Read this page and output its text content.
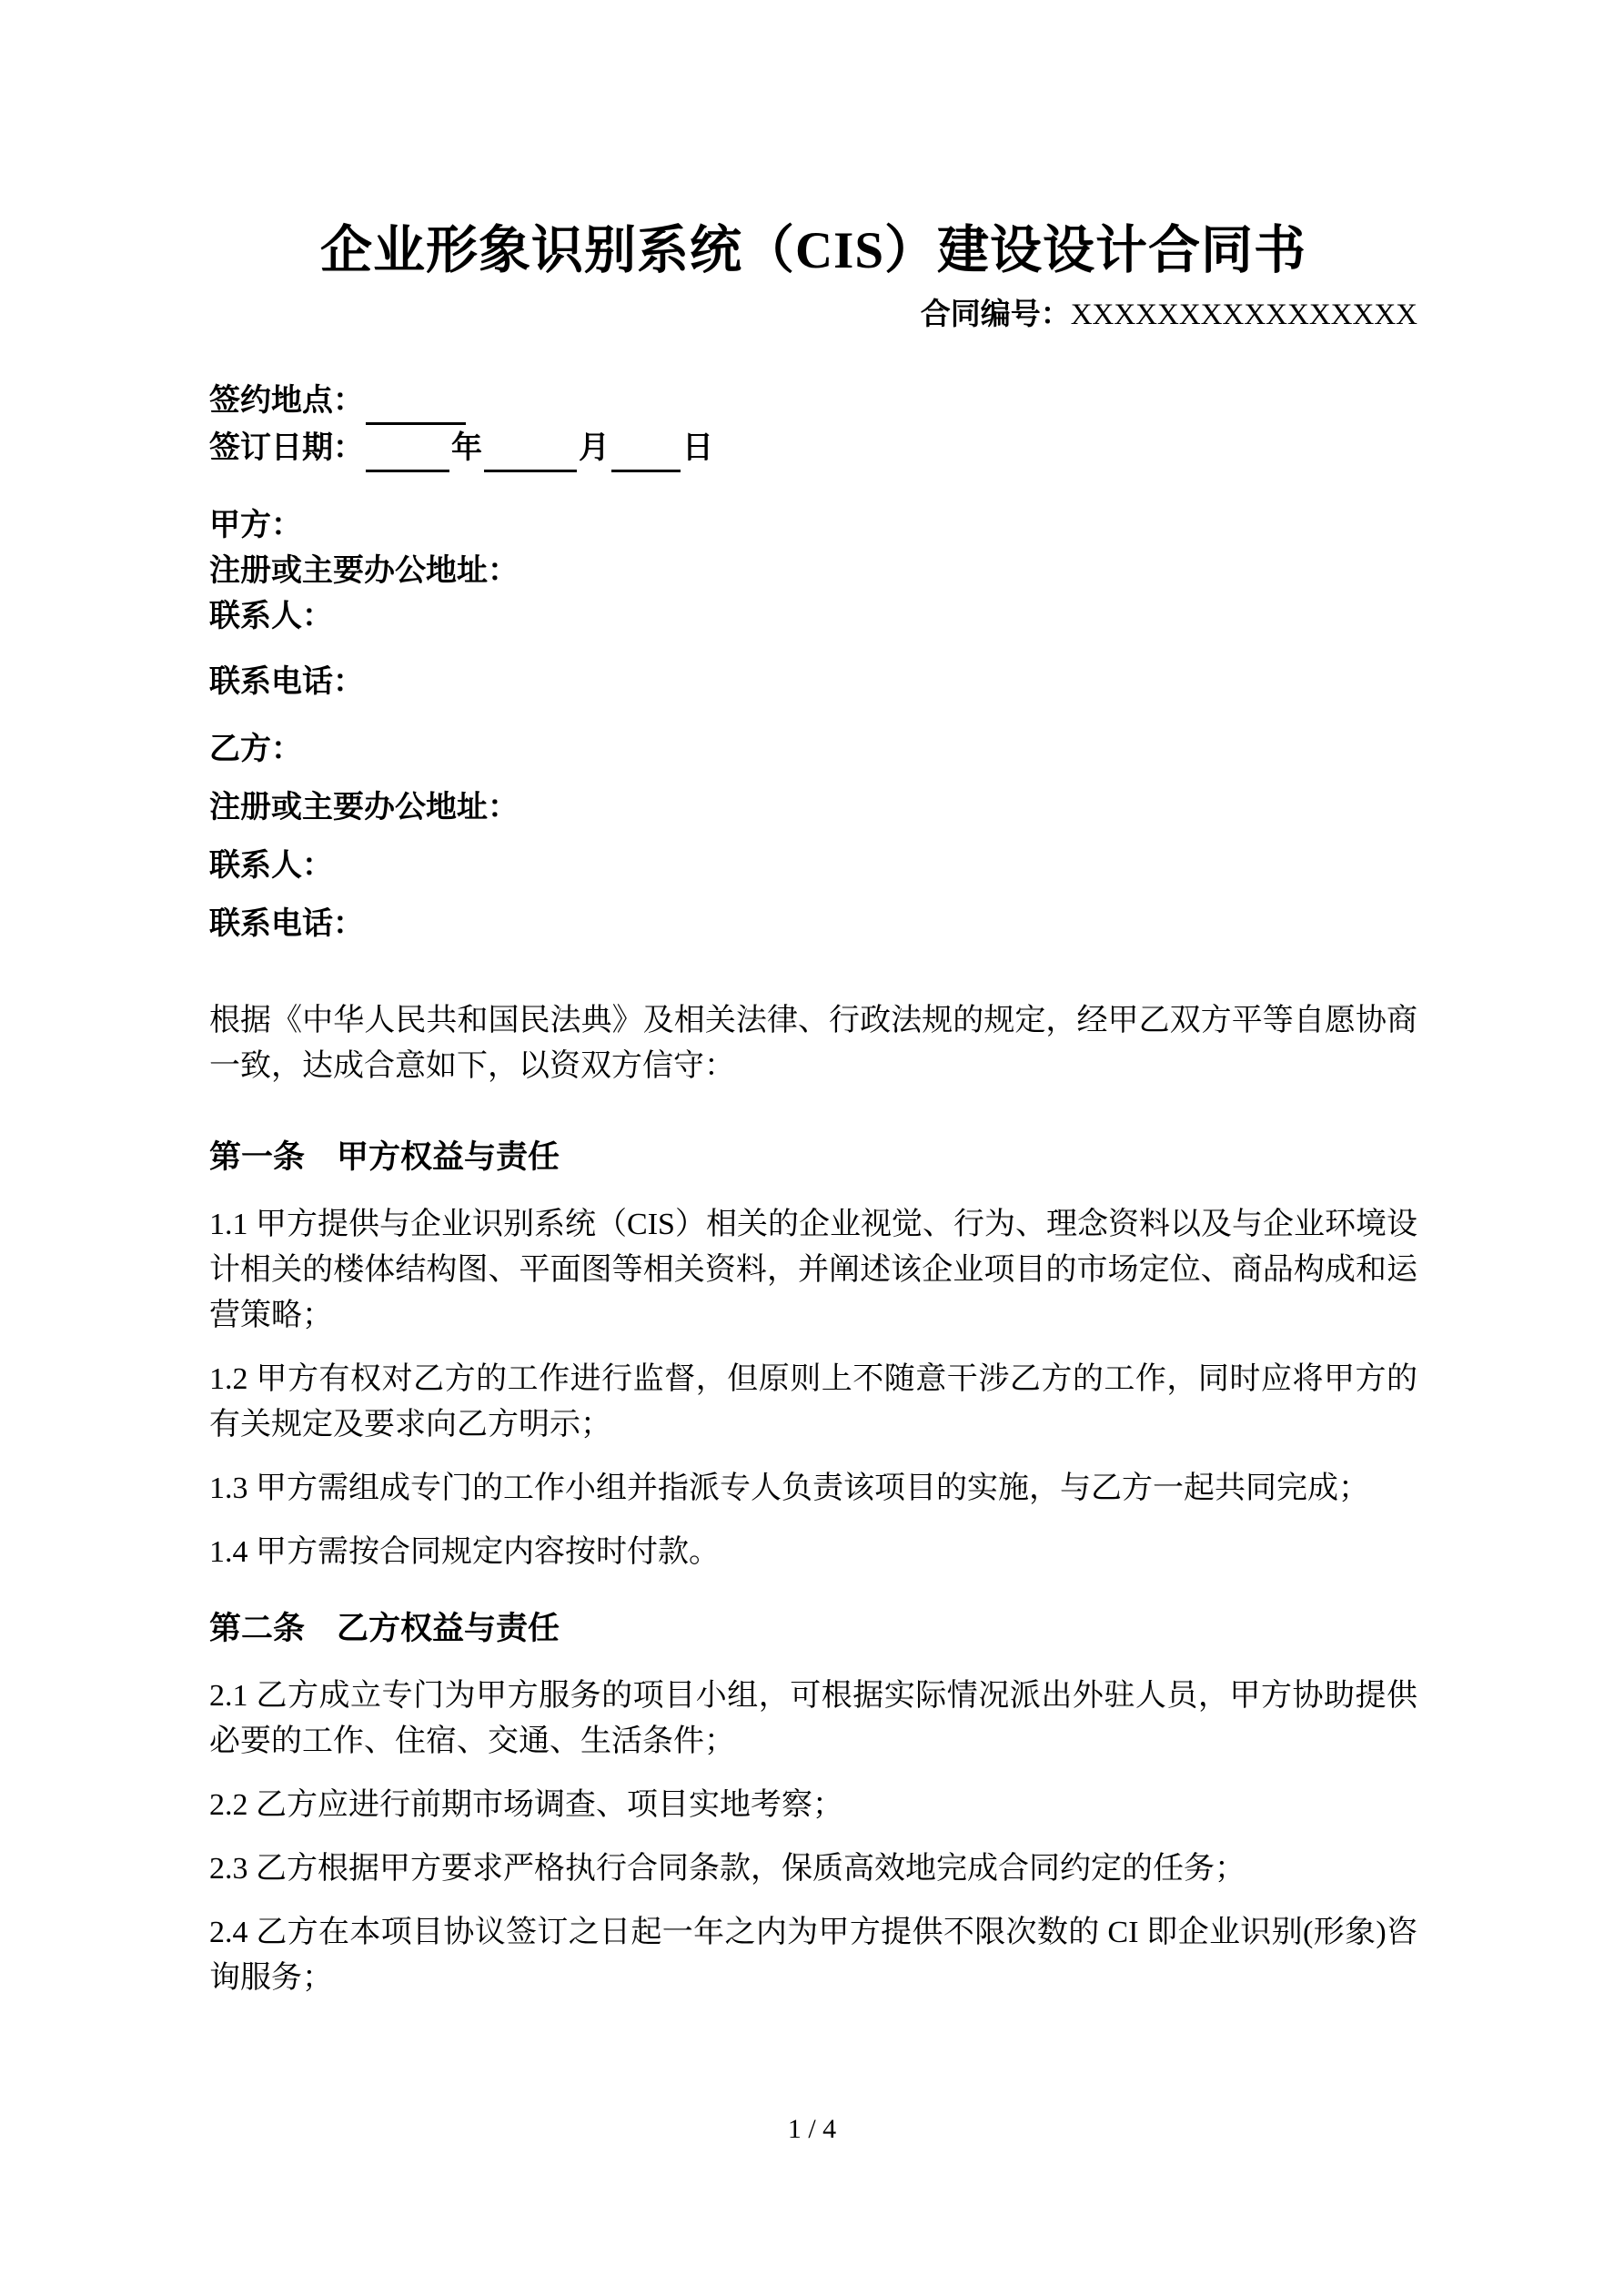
企业形象识别系统（CIS）建设设计合同书
合同编号：XXXXXXXXXXXXXXXX
签约地点：
签订日期：	年	月 日

甲方：

注册或主要办公地址：

联系人：

联系电话：

乙方：

注册或主要办公地址：

联系人：

联系电话：

根据《中华人民共和国民法典》及相关法律、行政法规的规定，经甲乙双方平等自愿协商一致，达成合意如下，以资双方信守：

第一条　甲方权益与责任

1.1 甲方提供与企业识别系统（CIS）相关的企业视觉、行为、理念资料以及与企业环境设计相关的楼体结构图、平面图等相关资料，并阐述该企业项目的市场定位、商品构成和运营策略；

1.2 甲方有权对乙方的工作进行监督，但原则上不随意干涉乙方的工作，同时应将甲方的有关规定及要求向乙方明示；

1.3 甲方需组成专门的工作小组并指派专人负责该项目的实施，与乙方一起共同完成；

1.4 甲方需按合同规定内容按时付款。

第二条　乙方权益与责任

2.1 乙方成立专门为甲方服务的项目小组，可根据实际情况派出外驻人员，甲方协助提供必要的工作、住宿、交通、生活条件；

2.2 乙方应进行前期市场调查、项目实地考察；

2.3 乙方根据甲方要求严格执行合同条款，保质高效地完成合同约定的任务；

2.4 乙方在本项目协议签订之日起一年之内为甲方提供不限次数的 CI 即企业识别(形象)咨询服务；

1 / 4
